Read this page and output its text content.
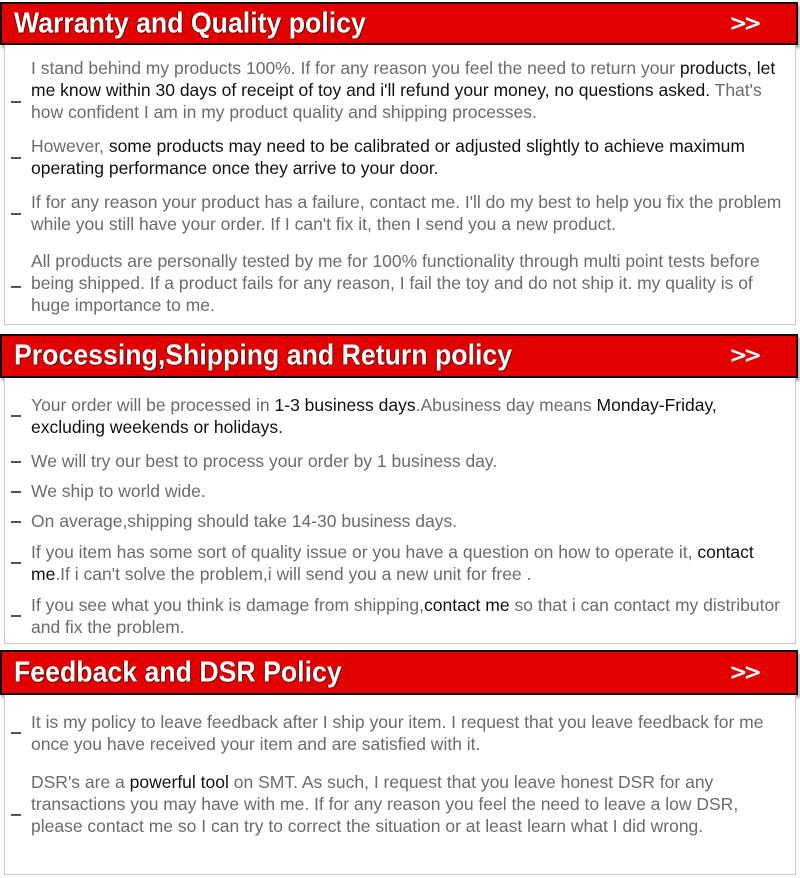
Warranty and Quality policy	>>
I stand behind my products 100%. If for any reason you feel the need to return your products, let me know within 30 days of receipt of toy and i'll refund your money, no questions asked. That's how confident I am in my product quality and shipping processes.
However, some products may need to be calibrated or adjusted slightly to achieve maximum operating performance once they arrive to your door.
If for any reason your product has a failure, contact me. I'll do my best to help you fix the problem while you still have your order. If I can't fix it, then I send you a new product.
All products are personally tested by me for 100% functionality through multi point tests before being shipped. If a product fails for any reason, I fail the toy and do not ship it. my quality is of huge importance to me.
Processing,Shipping and Return policy	>>
Your order will be processed in 1-3 business days.Abusiness day means Monday-Friday, excluding weekends or holidays.
We will try our best to process your order by 1 business day.
We ship to world wide.
On average,shipping should take 14-30 business days.
If you item has some sort of quality issue or you have a question on how to operate it, contact me.If i can't solve the problem,i will send you a new unit for free .
If you see what you think is damage from shipping,contact me so that i can contact my distributor and fix the problem.
Feedback and DSR Policy	>>
It is my policy to leave feedback after I ship your item. I request that you leave feedback for me once you have received your item and are satisfied with it.
DSR's are a powerful tool on SMT. As such, I request that you leave honest DSR for any transactions you may have with me. If for any reason you feel the need to leave a low DSR, please contact me so I can try to correct the situation or at least learn what I did wrong.
